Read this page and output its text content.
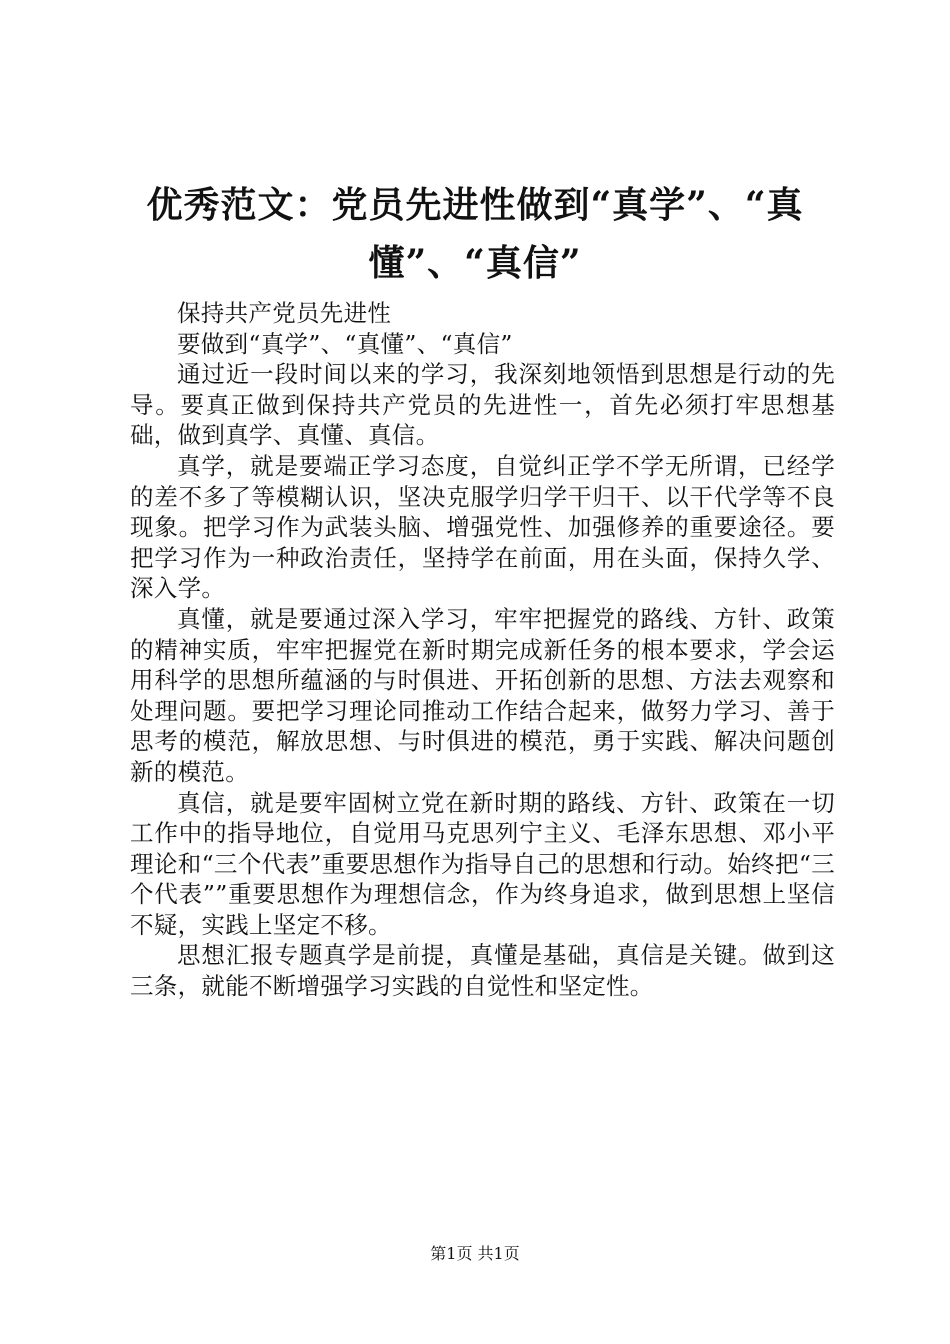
优秀范文：党员先进性做到“真学”、“真
懂”、“真信”

保持共产党员先进性

要做到“真学”、“真懂”、“真信”

通过近一段时间以来的学习，我深刻地领悟到思想是行动的先导。要真正做到保持共产党员的先进性一，首先必须打牢思想基础，做到真学、真懂、真信。

真学，就是要端正学习态度，自觉纠正学不学无所谓，已经学的差不多了等模糊认识，坚决克服学归学干归干、以干代学等不良现象。把学习作为武装头脑、增强党性、加强修养的重要途径。要把学习作为一种政治责任，坚持学在前面，用在头面，保持久学、深入学。

真懂，就是要通过深入学习，牢牢把握党的路线、方针、政策的精神实质，牢牢把握党在新时期完成新任务的根本要求，学会运用科学的思想所蕴涵的与时俱进、开拓创新的思想、方法去观察和处理问题。要把学习理论同推动工作结合起来，做努力学习、善于思考的模范，解放思想、与时俱进的模范，勇于实践、解决问题创新的模范。

真信，就是要牢固树立党在新时期的路线、方针、政策在一切工作中的指导地位，自觉用马克思列宁主义、毛泽东思想、邓小平理论和“三个代表”重要思想作为指导自己的思想和行动。始终把“三个代表””重要思想作为理想信念，作为终身追求，做到思想上坚信不疑，实践上坚定不移。

思想汇报专题真学是前提，真懂是基础，真信是关键。做到这三条，就能不断增强学习实践的自觉性和坚定性。

第1页 共1页
